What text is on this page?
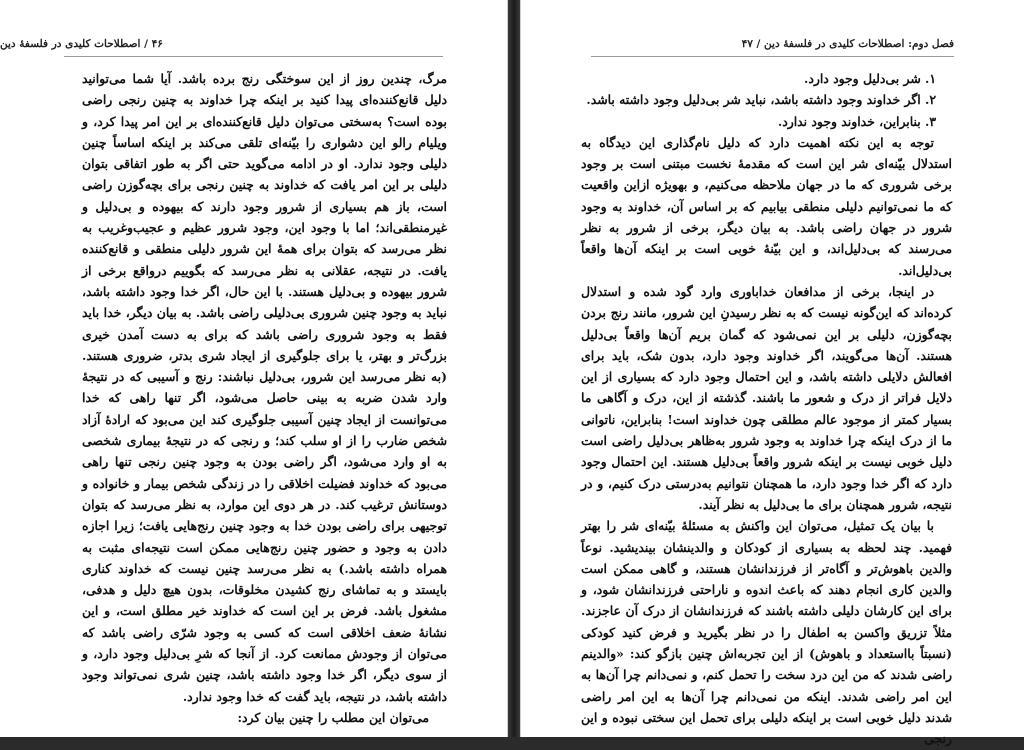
۴۶ / اصطلاحات کلیدی در فلسفهٔ دین

مرگ، چندین روز از این سوختگی رنج برده باشد. آیا شما می‌توانید دلیل قانع‌کننده‌ای پیدا کنید بر اینکه چرا خداوند به چنین رنجی راضی بوده است؟ به‌سختی می‌توان دلیل قانع‌کننده‌ای بر این امر پیدا کرد، و ویلیام رالو این دشواری را بیّنه‌ای تلقی می‌کند بر اینکه اساساً چنین دلیلی وجود ندارد. او در ادامه می‌گوید حتی اگر به طور اتفاقی بتوان دلیلی بر این امر یافت که خداوند به چنین رنجی برای بچه‌گوزن راضی است، باز هم بسیاری از شرور وجود دارند که بیهوده و بی‌دلیل و غیرمنطقی‌اند؛ اما با وجود این، وجود شرور عظیم و عجیب‌وغریب به نظر می‌رسد که بتوان برای همهٔ این شرور دلیلی منطقی و قانع‌کننده یافت. در نتیجه، عقلانی به نظر می‌رسد که بگوییم درواقع برخی از شرور بیهوده و بی‌دلیل هستند. با این حال، اگر خدا وجود داشته باشد، نباید به وجود چنین شروری بی‌دلیلی راضی باشد. به بیان دیگر، خدا باید فقط به وجود شروری راضی باشد که برای به دست آمدن خیری بزرگ‌تر و بهتر، یا برای جلوگیری از ایجاد شری بدتر، ضروری هستند. (به نظر می‌رسد این شرور، بی‌دلیل نباشند: رنج و آسیبی که در نتیجهٔ وارد شدن ضربه به بینی حاصل می‌شود، اگر تنها راهی که خدا می‌توانست از ایجاد چنین آسیبی جلوگیری کند این می‌بود که ارادهٔ آزاد شخص ضارب را از او سلب کند؛ و رنجی که در نتیجهٔ بیماری شخصی به او وارد می‌شود، اگر راضی بودن به وجود چنین رنجی تنها راهی می‌بود که خداوند فضیلت اخلاقی را در زندگی شخص بیمار و خانواده و دوستانش ترغیب کند. در هر دوی این موارد، به نظر می‌رسد که بتوان توجیهی برای راضی بودن خدا به وجود چنین رنج‌هایی یافت؛ زیرا اجازه دادن به وجود و حضور چنین رنج‌هایی ممکن است نتیجه‌ای مثبت به همراه داشته باشد.) به نظر می‌رسد چنین نیست که خداوند کناری بایستد و به تماشای رنج کشیدن مخلوقات، بدون هیچ دلیل و هدفی، مشغول باشد. فرض بر این است که خداوند خیر مطلق است، و این نشانهٔ ضعف اخلاقی است که کسی به وجود شرّی راضی باشد که می‌توان از وجودش ممانعت کرد. از آنجا که شرِ بی‌دلیل وجود دارد، و از سوی دیگر، اگر خدا وجود داشته باشد، چنین شری نمی‌تواند وجود داشته باشد، در نتیجه، باید گفت که خدا وجود ندارد.

می‌توان این مطلب را چنین بیان کرد:

فصل دوم: اصطلاحات کلیدی در فلسفهٔ دین / ۴۷

۱. شر بی‌دلیل وجود دارد.

۲. اگر خداوند وجود داشته باشد، نباید شر بی‌دلیل وجود داشته باشد.

۳. بنابراین، خداوند وجود ندارد.

توجه به این نکته اهمیت دارد که دلیل نام‌گذاری این دیدگاه به استدلال بیّنه‌ای شر این است که مقدمهٔ نخست مبتنی است بر وجود برخی شروری که ما در جهان ملاحظه می‌کنیم، و بهویژه ازاین واقعیت که ما نمی‌توانیم دلیلی منطقی بیابیم که بر اساس آن، خداوند به وجود شرور در جهان راضی باشد. به بیان دیگر، برخی از شرور به نظر می‌رسند که بی‌دلیل‌اند، و این بیّنهٔ خوبی است بر اینکه آن‌ها واقعاً بی‌دلیل‌اند.

در اینجا، برخی از مدافعان خداباوری وارد گود شده و استدلال کرده‌اند که این‌گونه نیست که به نظر رسیدنِ این شرور، مانند رنج بردن بچه‌گوزن، دلیلی بر این نمی‌شود که گمان بریم آن‌ها واقعاً بی‌دلیل هستند. آن‌ها می‌گویند، اگر خداوند وجود دارد، بدون شک، باید برای افعالش دلایلی داشته باشد، و این احتمال وجود دارد که بسیاری از این دلایل فراتر از درک و شعور ما باشند. گذشته از این، درک و آگاهی ما بسیار کمتر از موجود عالم مطلقی چون خداوند است! بنابراین، ناتوانی ما از درک اینکه چرا خداوند به وجود شرور به‌ظاهر بی‌دلیل راضی است دلیل خوبی نیست بر اینکه شرور واقعاً بی‌دلیل هستند. این احتمال وجود دارد که اگر خدا وجود دارد، ما همچنان نتوانیم به‌درستی درک کنیم، و در نتیجه، شرور همچنان برای ما بی‌دلیل به نظر آیند.

با بیان یک تمثیل، می‌توان این واکنش به مسئلهٔ بیّنه‌ای شر را بهتر فهمید. چند لحظه به بسیاری از کودکان و والدینشان بیندیشید. نوعاً والدین باهوش‌تر و آگاه‌تر از فرزندانشان هستند، و گاهی ممکن است والدین کاری انجام دهند که باعث اندوه و ناراحتی فرزندانشان شود، و برای این کارشان دلیلی داشته باشند که فرزندانشان از درک آن عاجزند. مثلاً تزریق واکسن به اطفال را در نظر بگیرید و فرض کنید کودکی (نسبتاً بااستعداد و باهوش) از این تجربه‌اش چنین بازگو کند: «والدینم راضی شدند که من این درد سخت را تحمل کنم، و نمی‌دانم چرا آن‌ها به این امر راضی شدند. اینکه من نمی‌دانم چرا آن‌ها به این امر راضی شدند دلیل خوبی است بر اینکه دلیلی برای تحمل این سختی نبوده و این رنجی
